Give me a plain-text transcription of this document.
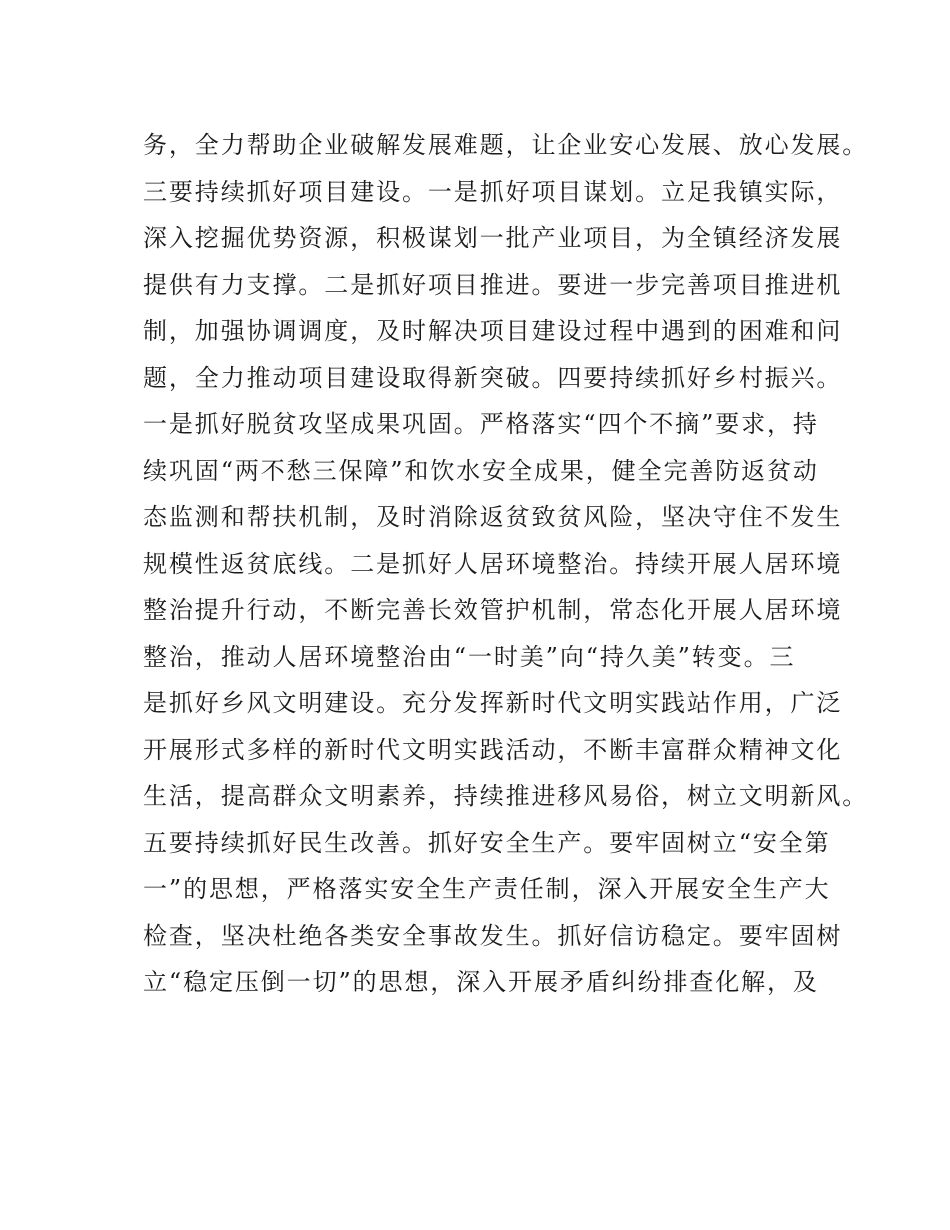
务，全力帮助企业破解发展难题，让企业安心发展、放心发展。
三要持续抓好项目建设。一是抓好项目谋划。立足我镇实际，
深入挖掘优势资源，积极谋划一批产业项目，为全镇经济发展
提供有力支撑。二是抓好项目推进。要进一步完善项目推进机
制，加强协调调度，及时解决项目建设过程中遇到的困难和问
题，全力推动项目建设取得新突破。四要持续抓好乡村振兴。
一是抓好脱贫攻坚成果巩固。严格落实“四个不摘”要求，持
续巩固“两不愁三保障”和饮水安全成果，健全完善防返贫动
态监测和帮扶机制，及时消除返贫致贫风险，坚决守住不发生
规模性返贫底线。二是抓好人居环境整治。持续开展人居环境
整治提升行动，不断完善长效管护机制，常态化开展人居环境
整治，推动人居环境整治由“一时美”向“持久美”转变。三
是抓好乡风文明建设。充分发挥新时代文明实践站作用，广泛
开展形式多样的新时代文明实践活动，不断丰富群众精神文化
生活，提高群众文明素养，持续推进移风易俗，树立文明新风。
五要持续抓好民生改善。抓好安全生产。要牢固树立“安全第
一”的思想，严格落实安全生产责任制，深入开展安全生产大
检查，坚决杜绝各类安全事故发生。抓好信访稳定。要牢固树
立“稳定压倒一切”的思想，深入开展矛盾纠纷排查化解，及
